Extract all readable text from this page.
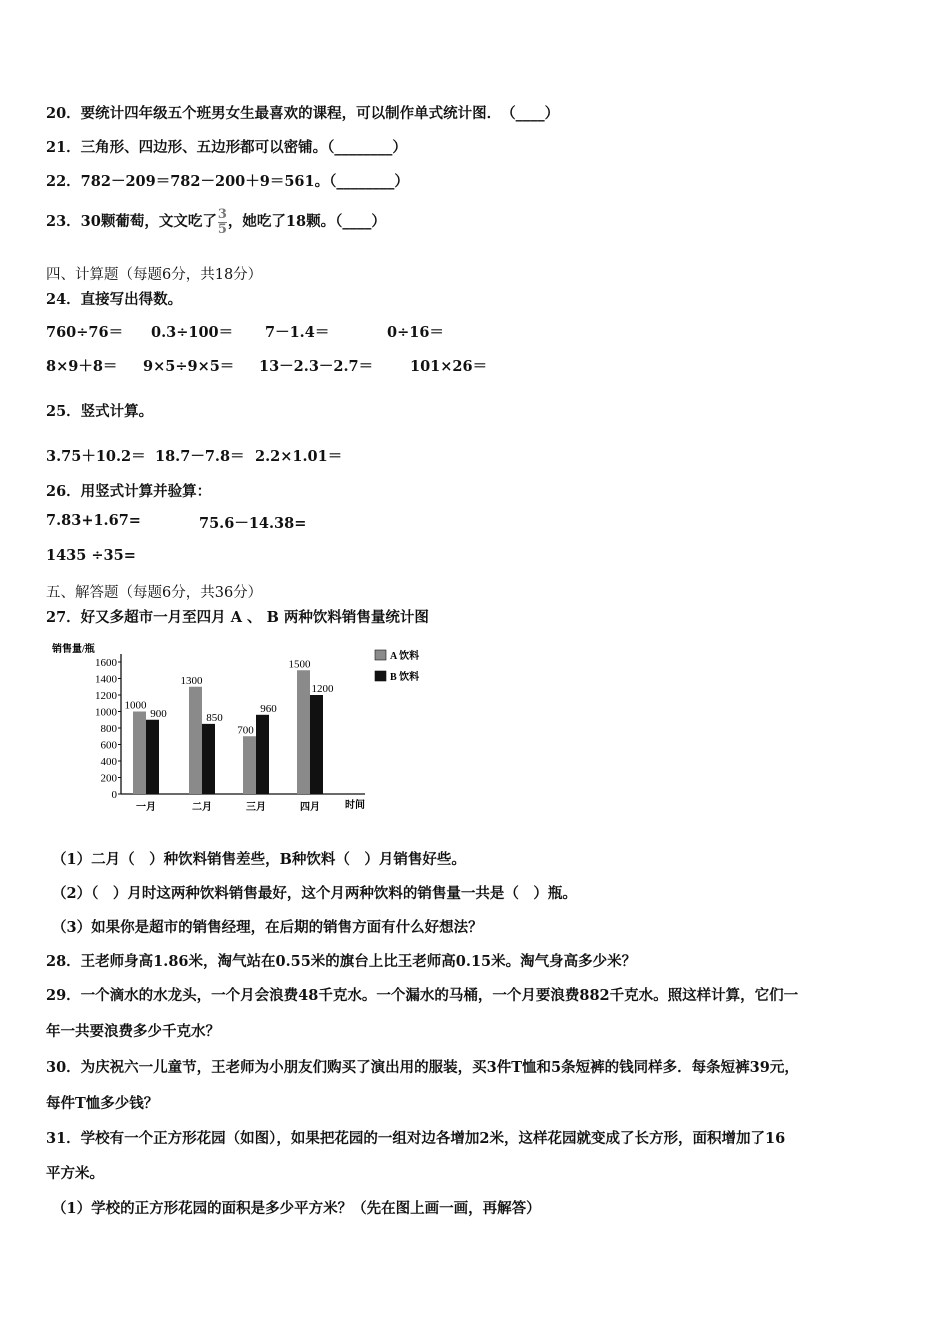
20．要统计四年级五个班男女生最喜欢的课程，可以制作单式统计图．　（____）
21．三角形、四边形、五边形都可以密铺。（________）
22．782－209＝782－200＋9＝561。（________）
23．30颗葡萄，文文吃了 $\frac{3}{5}$ ，她吃了18颗。（____）
四、计算题（每题6分，共18分）
24．直接写出得数。
760÷76＝ 0.3÷100＝ 7－1.4＝	0÷16＝
8×9＋8＝ 9×5÷9×5＝ 13－2.3－2.7＝	101×26＝
25．竖式计算。
3.75＋10.2＝ 18.7－7.8＝ 2.2×1.01＝
26．用竖式计算并验算：
7.83+1.67=	75.6－14.38=
1435 ÷35=
五、解答题（每题6分，共36分）
27．好又多超市一月至四月 A 、 B 两种饮料销售量统计图
销售量/瓶
时间
0
200
400
600
800
1000
1200
1400
1600
一月
1000
900
二月
1300
850
三月
700
960
四月
1500
1200
A 饮料
B 饮料
（1）二月（　）种饮料销售差些，B种饮料（　）月销售好些。
（2）（　）月时这两种饮料销售最好，这个月两种饮料的销售量一共是（　）瓶。
（3）如果你是超市的销售经理，在后期的销售方面有什么好想法？
28．王老师身高1.86米，淘气站在0.55米的旗台上比王老师高0.15米。淘气身高多少米？
29．一个滴水的水龙头，一个月会浪费48千克水。一个漏水的马桶，一个月要浪费882千克水。照这样计算，它们一
年一共要浪费多少千克水？
30．为庆祝六一儿童节，王老师为小朋友们购买了演出用的服装，买3件T恤和5条短裤的钱同样多．每条短裤39元，
每件T恤多少钱？
31．学校有一个正方形花园（如图），如果把花园的一组对边各增加2米，这样花园就变成了长方形，面积增加了16
平方米。
（1）学校的正方形花园的面积是多少平方米？（先在图上画一画，再解答）
